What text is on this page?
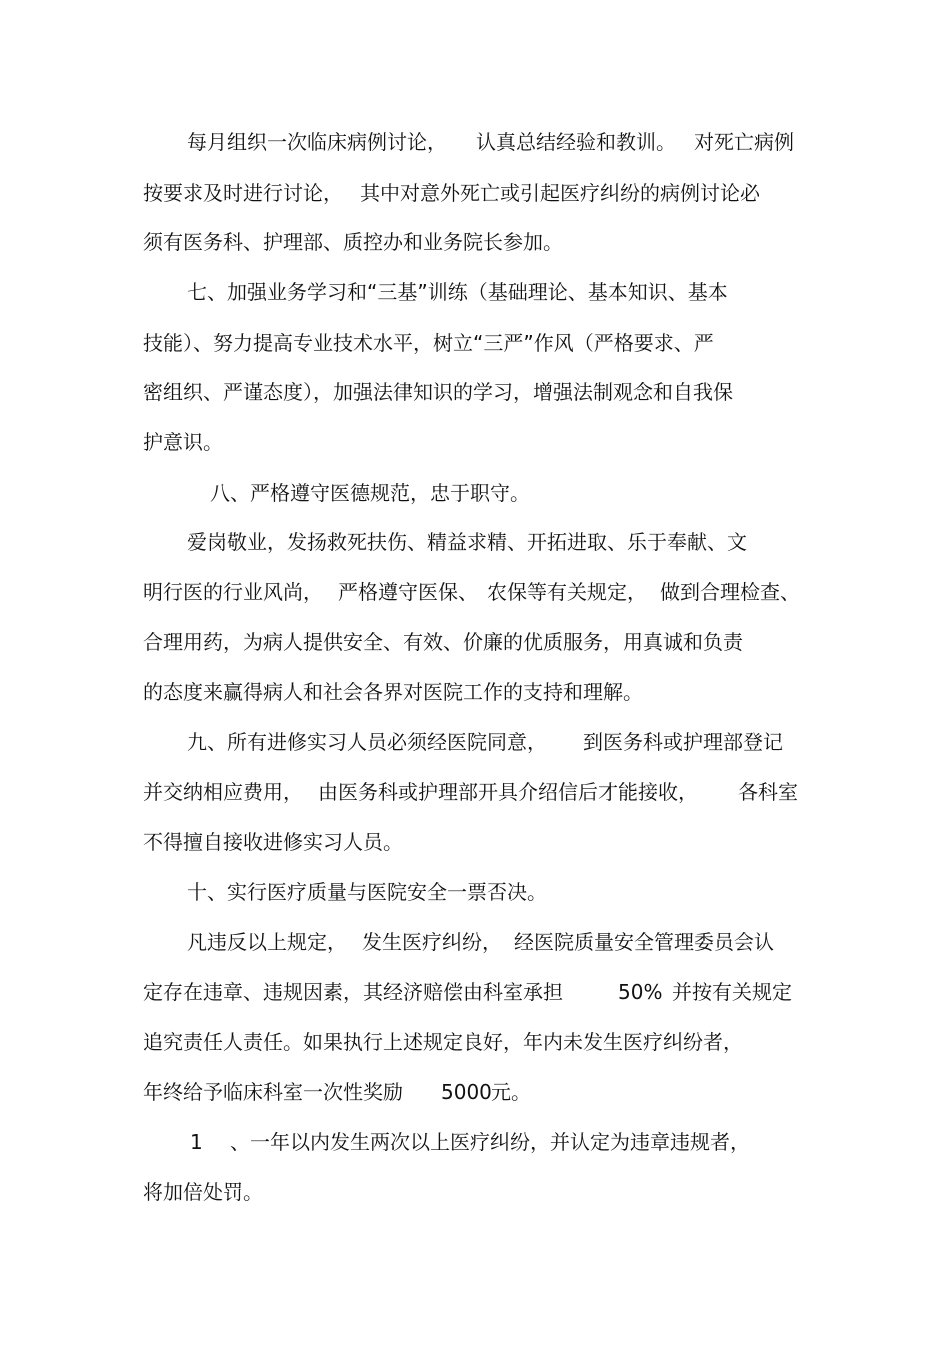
每月组织一次临床病例讨论， 认真总结经验和教训。 对死亡病例
按要求及时进行讨论， 其中对意外死亡或引起医疗纠纷的病例讨论必
须有医务科、护理部、质控办和业务院长参加。
七、加强业务学习和“三基”训练（基础理论、基本知识、基本
技能）、努力提高专业技术水平，树立“三严”作风（严格要求、严
密组织、严谨态度），加强法律知识的学习，增强法制观念和自我保
护意识。
八、严格遵守医德规范，忠于职守。
爱岗敬业，发扬救死扶伤、精益求精、开拓进取、乐于奉献、文
明行医的行业风尚， 严格遵守医保、 农保等有关规定， 做到合理检查、
合理用药，为病人提供安全、有效、价廉的优质服务，用真诚和负责
的态度来赢得病人和社会各界对医院工作的支持和理解。
九、所有进修实习人员必须经医院同意， 到医务科或护理部登记
并交纳相应费用， 由医务科或护理部开具介绍信后才能接收， 各科室
不得擅自接收进修实习人员。
十、实行医疗质量与医院安全一票否决。
凡违反以上规定， 发生医疗纠纷， 经医院质量安全管理委员会认
定存在违章、违规因素，其经济赔偿由科室承担	50% 并按有关规定
追究责任人责任。如果执行上述规定良好，年内未发生医疗纠纷者，
年终给予临床科室一次性奖励 5000 元。
1 、一年以内发生两次以上医疗纠纷，并认定为违章违规者，
将加倍处罚。
